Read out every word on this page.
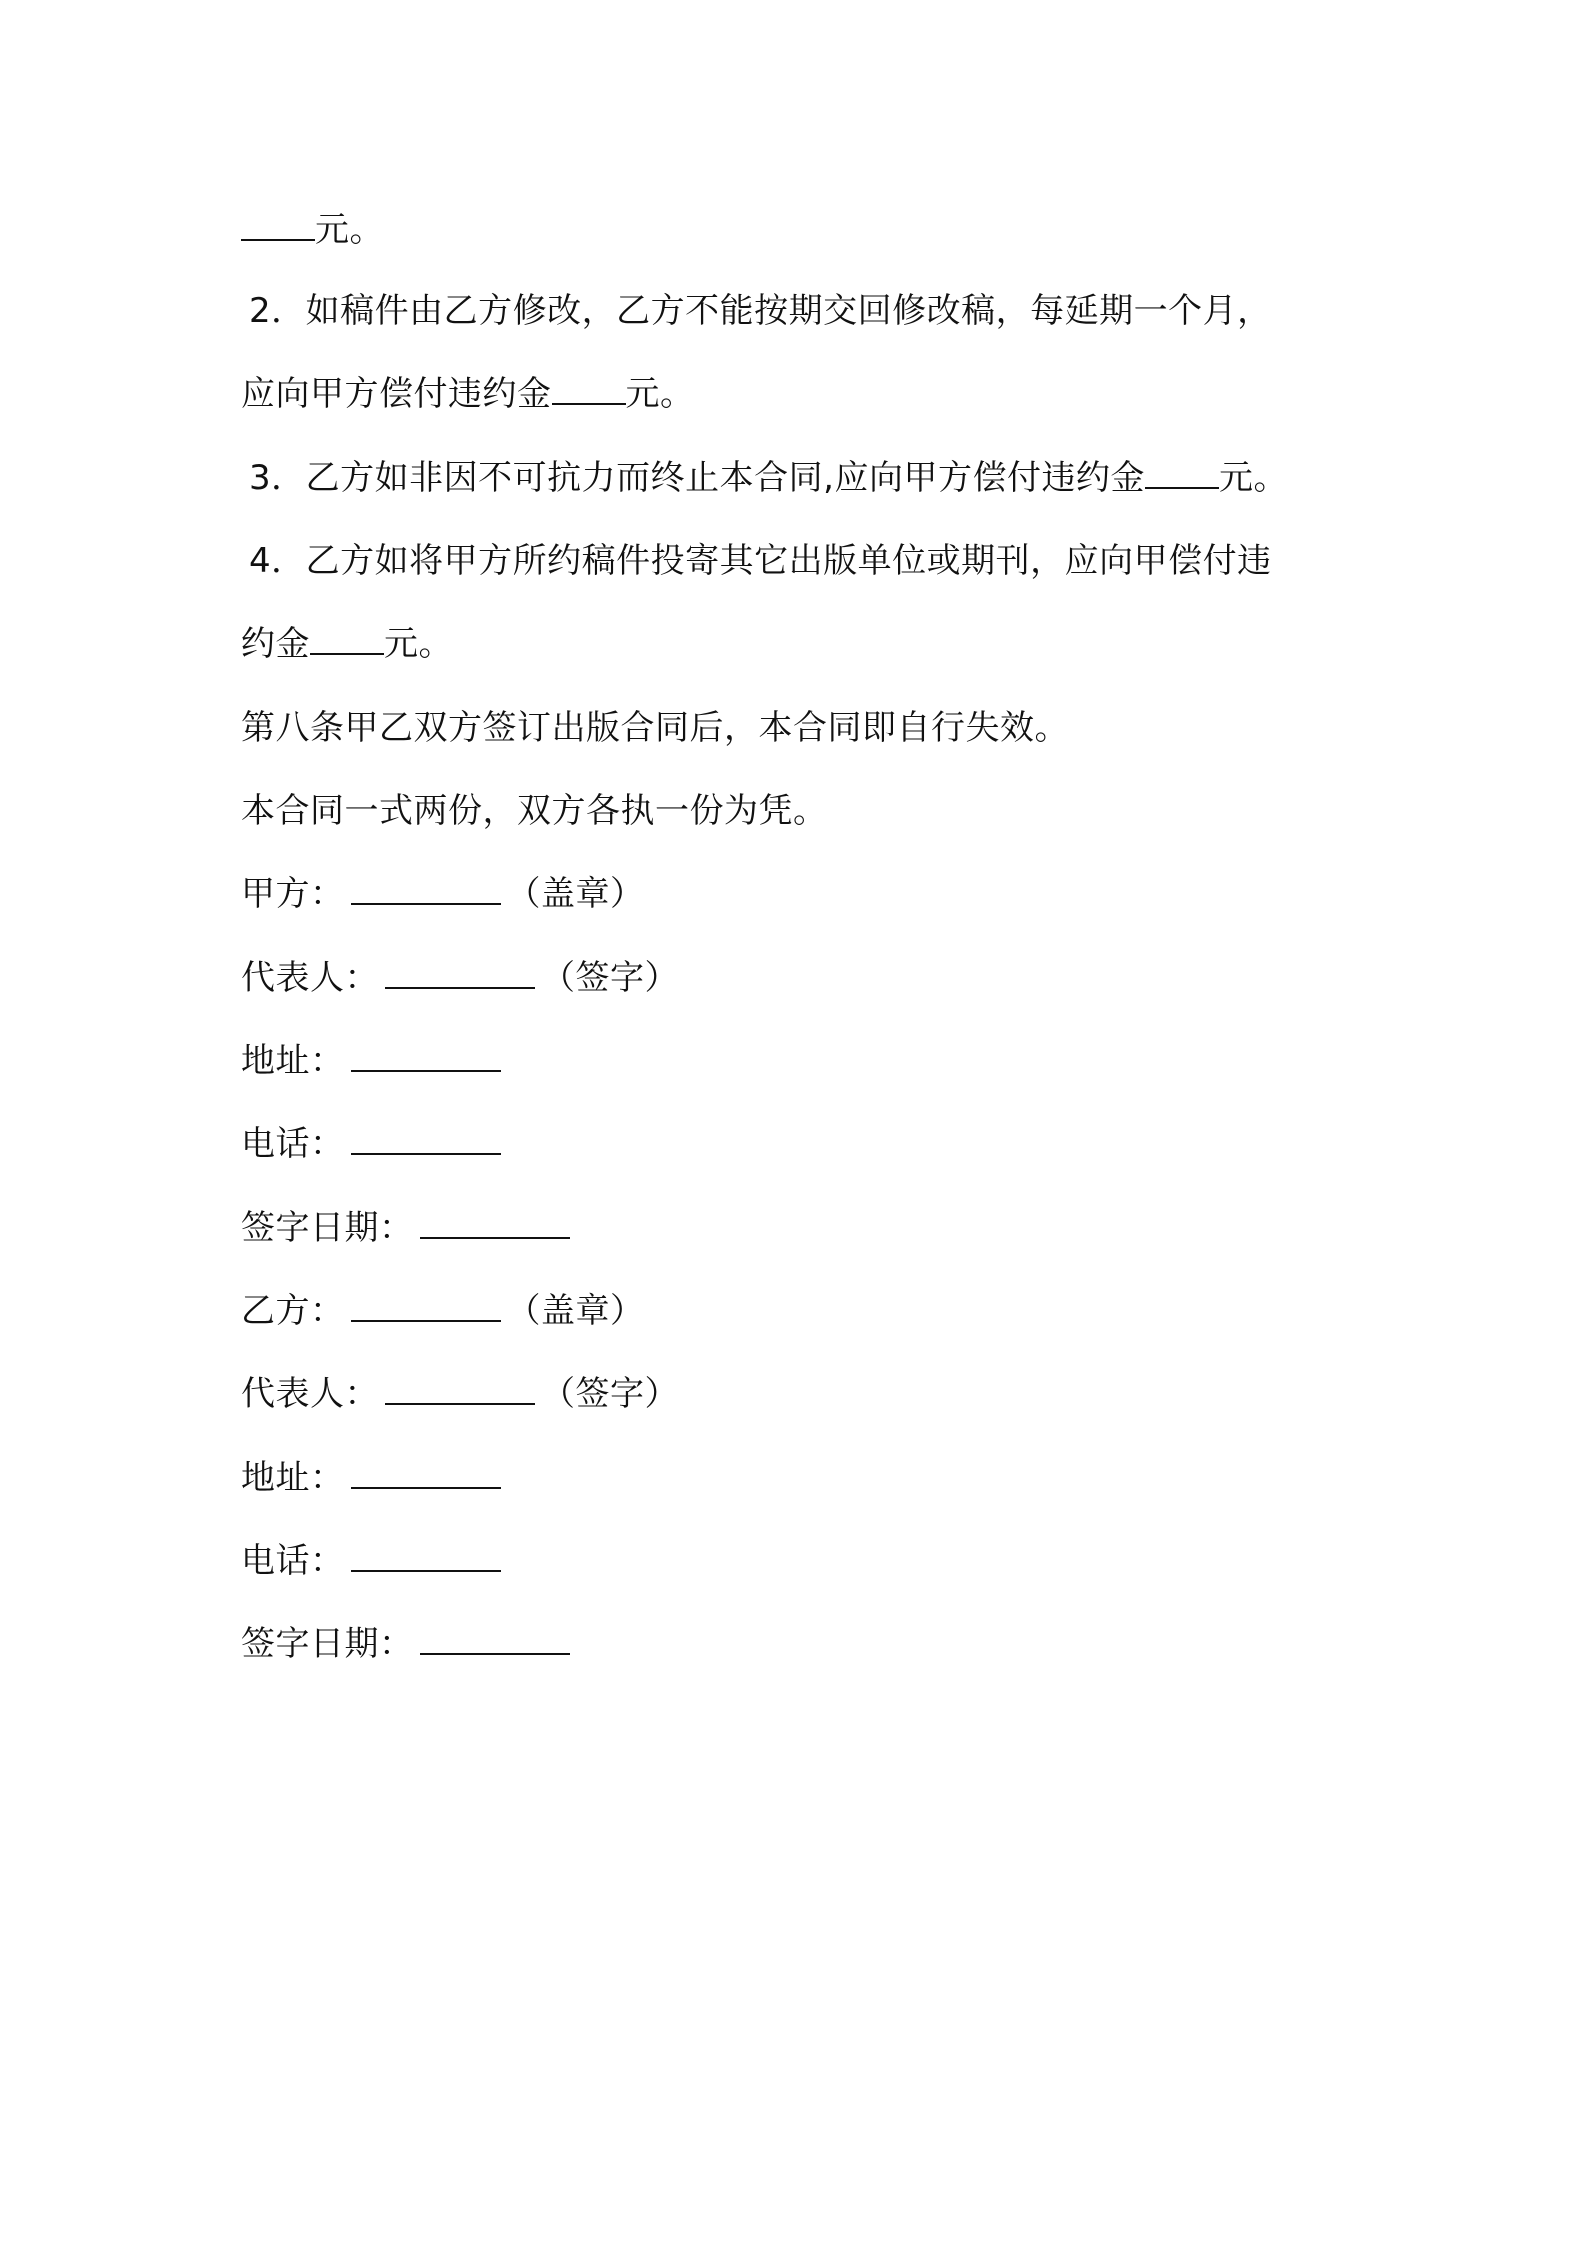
元。
2．如稿件由乙方修改，乙方不能按期交回修改稿，每延期一个月，
应向甲方偿付违约金 元。
3．乙方如非因不可抗力而终止本合同,应向甲方偿付违约金 元。
4．乙方如将甲方所约稿件投寄其它出版单位或期刊，应向甲偿付违
约金 元。
第八条甲乙双方签订出版合同后，本合同即自行失效。
本合同一式两份，双方各执一份为凭。
甲方：	（盖章）
代表人：	（签字）
地址：
电话：
签字日期：
乙方：	（盖章）
代表人：	（签字）
地址：
电话：
签字日期：
